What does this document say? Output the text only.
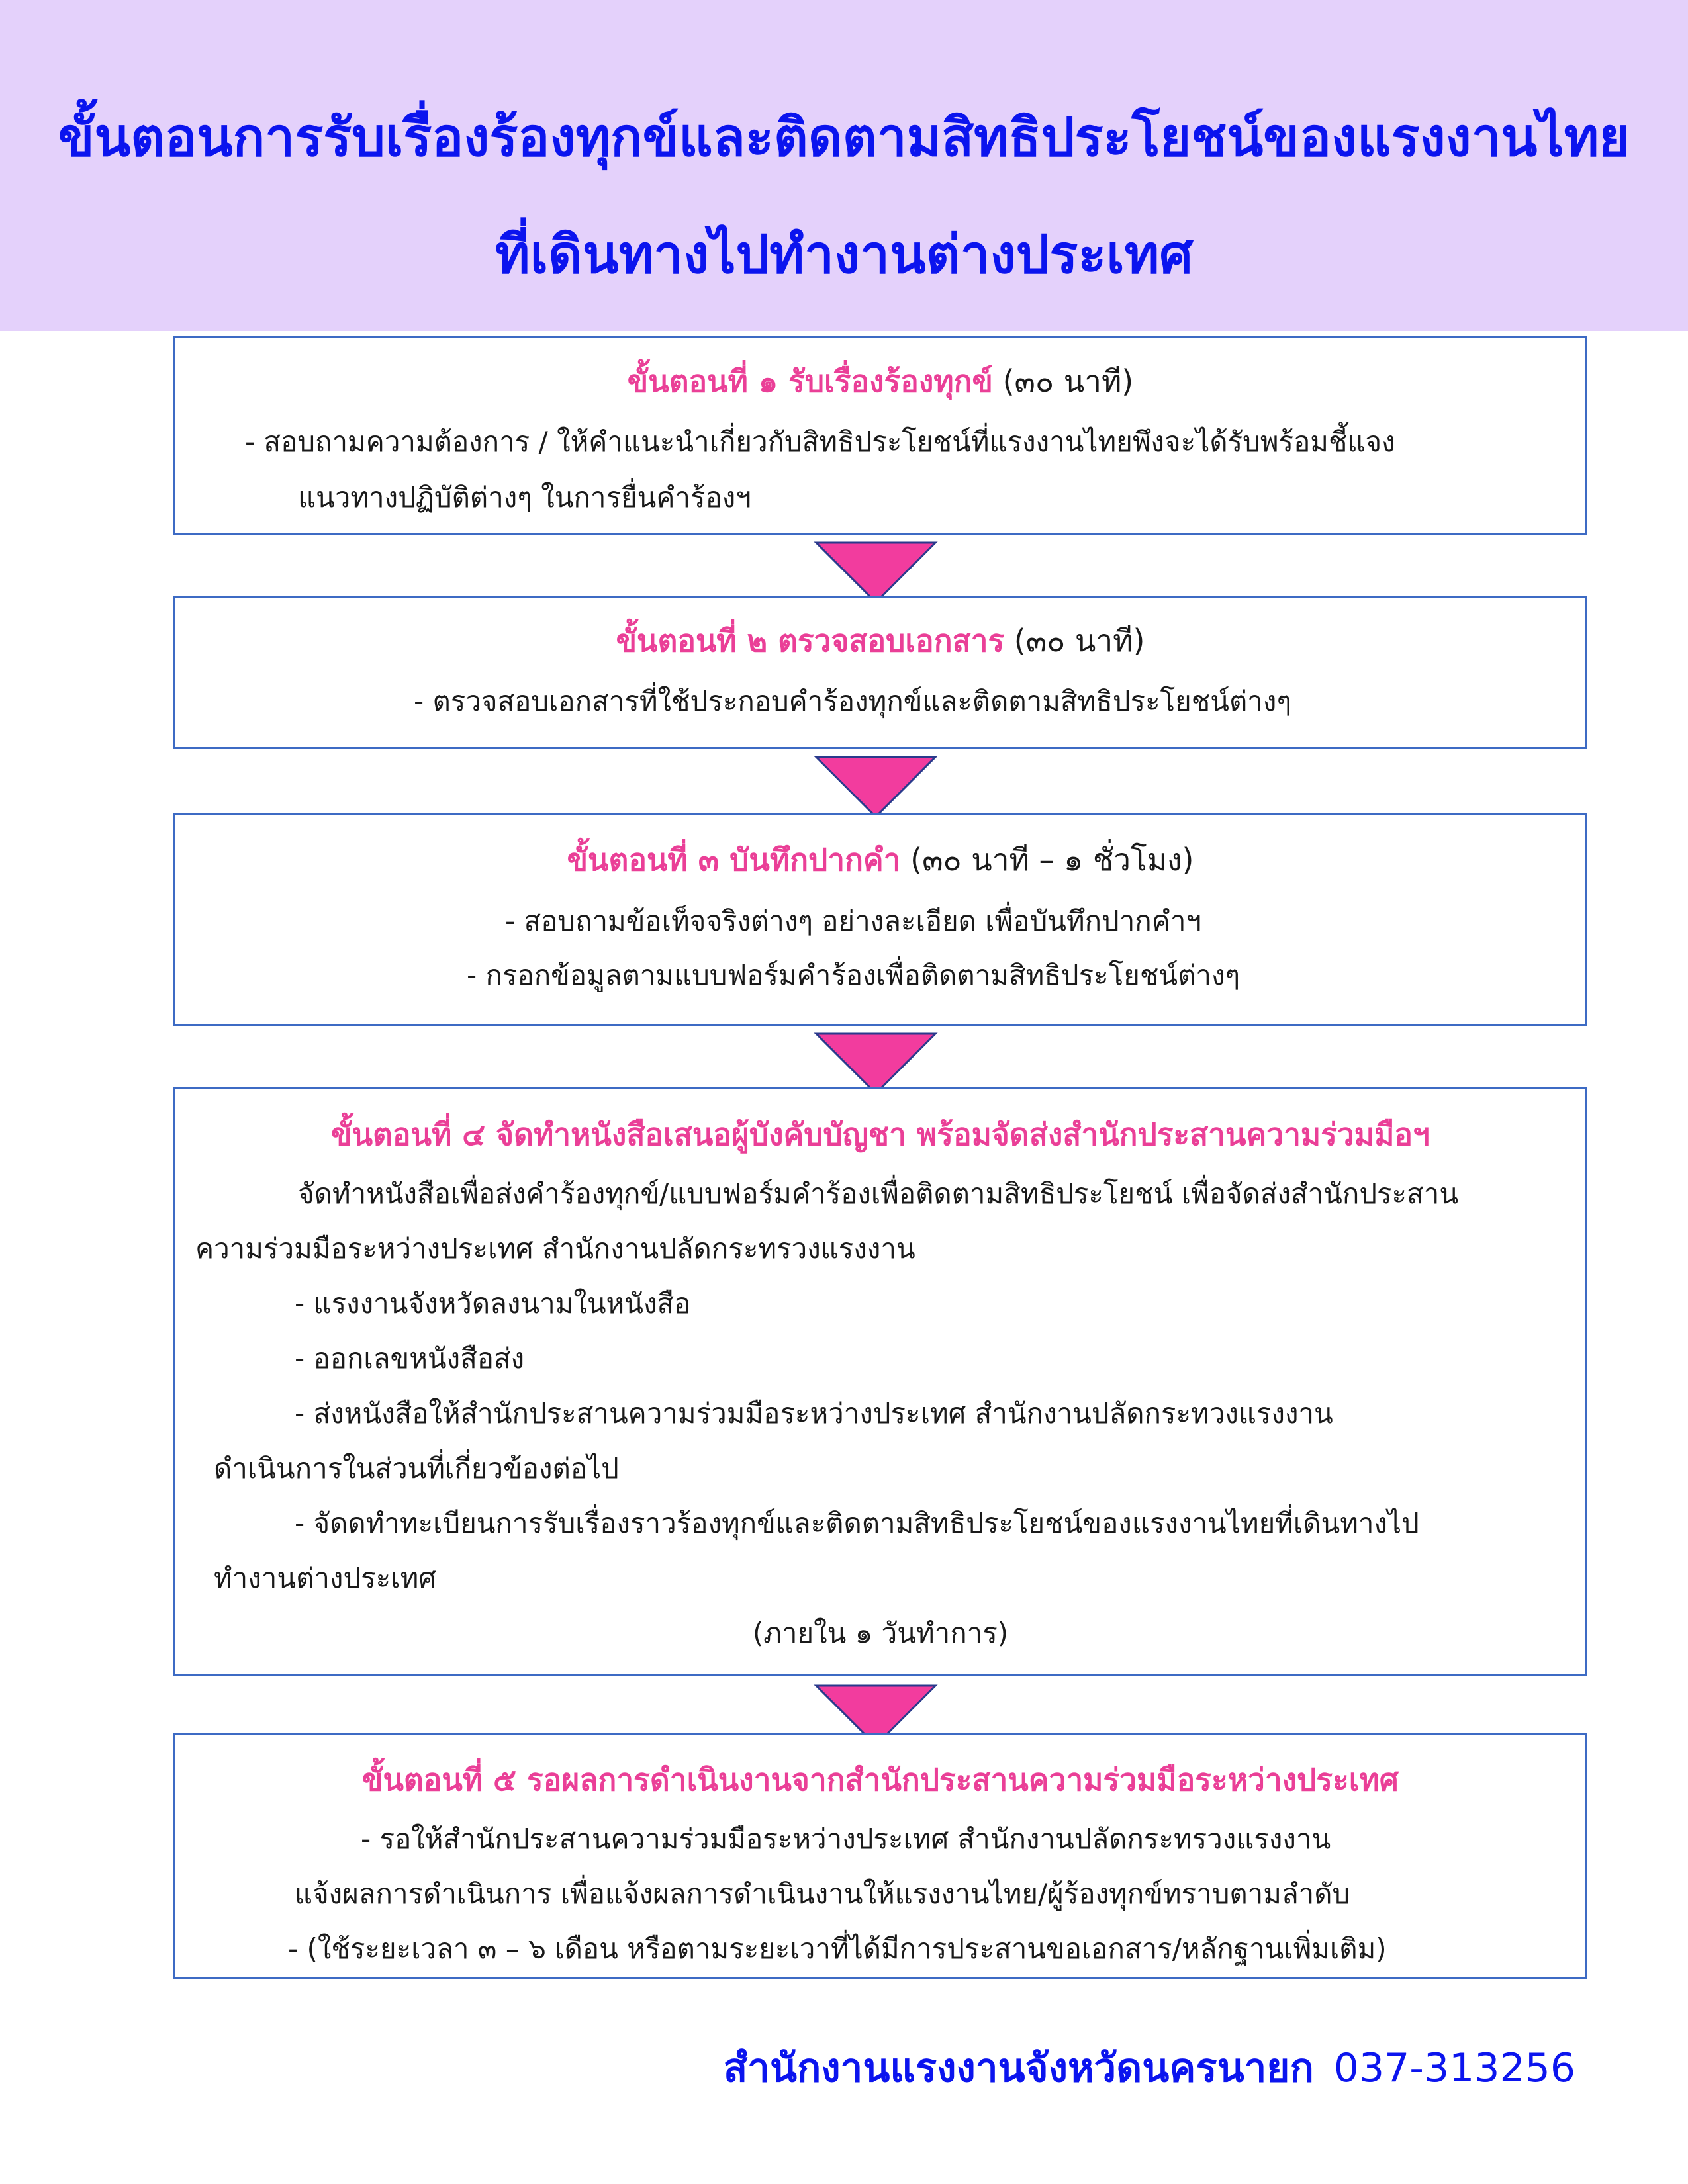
ขั้นตอนการรับเรื่องร้องทุกข์และติดตามสิทธิประโยชน์ของแรงงานไทย
ที่เดินทางไปทำงานต่างประเทศ
ขั้นตอนที่ ๑ รับเรื่องร้องทุกข์ (๓๐ นาที)
- สอบถามความต้องการ / ให้คำแนะนำเกี่ยวกับสิทธิประโยชน์ที่แรงงานไทยพึงจะได้รับพร้อมชี้แจง
แนวทางปฏิบัติต่างๆ ในการยื่นคำร้องฯ
ขั้นตอนที่ ๒ ตรวจสอบเอกสาร (๓๐ นาที)
- ตรวจสอบเอกสารที่ใช้ประกอบคำร้องทุกข์และติดตามสิทธิประโยชน์ต่างๆ
ขั้นตอนที่ ๓ บันทึกปากคำ (๓๐ นาที – ๑ ชั่วโมง)
- สอบถามข้อเท็จจริงต่างๆ อย่างละเอียด เพื่อบันทึกปากคำฯ
- กรอกข้อมูลตามแบบฟอร์มคำร้องเพื่อติดตามสิทธิประโยชน์ต่างๆ
ขั้นตอนที่ ๔ จัดทำหนังสือเสนอผู้บังคับบัญชา พร้อมจัดส่งสำนักประสานความร่วมมือฯ
จัดทำหนังสือเพื่อส่งคำร้องทุกข์/แบบฟอร์มคำร้องเพื่อติดตามสิทธิประโยชน์ เพื่อจัดส่งสำนักประสาน
ความร่วมมือระหว่างประเทศ สำนักงานปลัดกระทรวงแรงงาน
- แรงงานจังหวัดลงนามในหนังสือ
- ออกเลขหนังสือส่ง
- ส่งหนังสือให้สำนักประสานความร่วมมือระหว่างประเทศ สำนักงานปลัดกระทวงแรงงาน
ดำเนินการในส่วนที่เกี่ยวข้องต่อไป
- จัดดทำทะเบียนการรับเรื่องราวร้องทุกข์และติดตามสิทธิประโยชน์ของแรงงานไทยที่เดินทางไป
ทำงานต่างประเทศ
(ภายใน ๑ วันทำการ)
ขั้นตอนที่ ๕ รอผลการดำเนินงานจากสำนักประสานความร่วมมือระหว่างประเทศ
- รอให้สำนักประสานความร่วมมือระหว่างประเทศ สำนักงานปลัดกระทรวงแรงงาน
แจ้งผลการดำเนินการ เพื่อแจ้งผลการดำเนินงานให้แรงงานไทย/ผู้ร้องทุกข์ทราบตามลำดับ
- (ใช้ระยะเวลา ๓ – ๖ เดือน หรือตามระยะเวาที่ได้มีการประสานขอเอกสาร/หลักฐานเพิ่มเติม)
สำนักงานแรงงานจังหวัดนครนายก 037-313256
